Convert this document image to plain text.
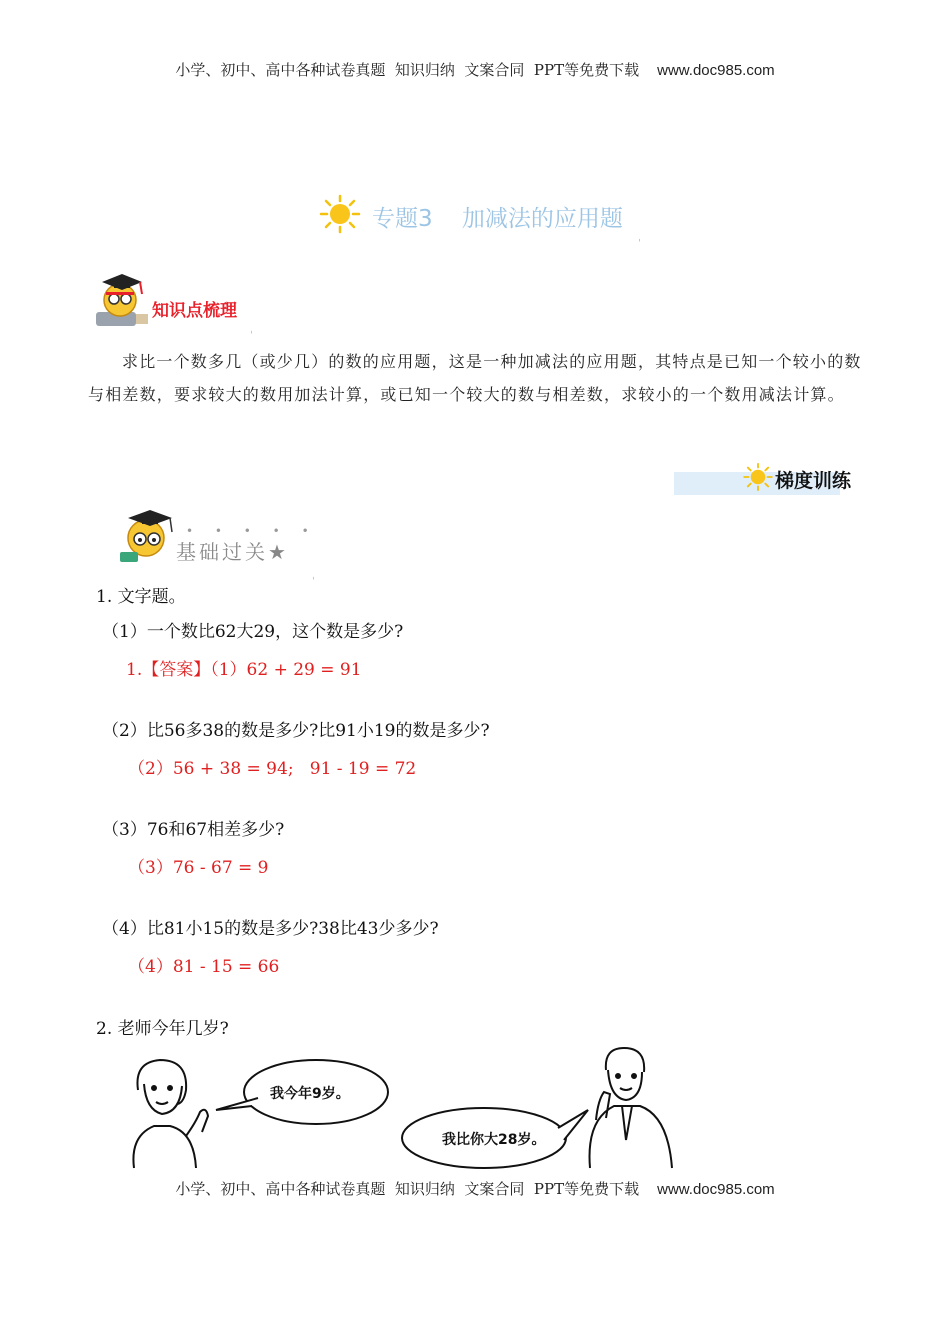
小学、初中、高中各种试卷真题  知识归纳  文案合同  PPT等免费下载 www.doc985.com
专题3    加减法的应用题
ˌ
知识点梳理
ˌ
求比一个数多几（或少几）的数的应用题，这是一种加减法的应用题，其特点是已知一个较小的数与相差数，要求较大的数用加法计算，或已知一个较大的数与相差数，求较小的一个数用减法计算。
梯度训练
• • • • •
基础过关★
ˌ
1. 文字题。
（1）一个数比62大29，这个数是多少?
1.【答案】（1）62 + 29 = 91
（2）比56多38的数是多少?比91小19的数是多少?
（2）56 + 38 = 94;   91 - 19 = 72
（3）76和67相差多少?
（3）76 - 67 = 9
（4）比81小15的数是多少?38比43少多少?
（4）81 - 15 = 66
2. 老师今年几岁?
我今年9岁。
我比你大28岁。
小学、初中、高中各种试卷真题  知识归纳  文案合同  PPT等免费下载 www.doc985.com
